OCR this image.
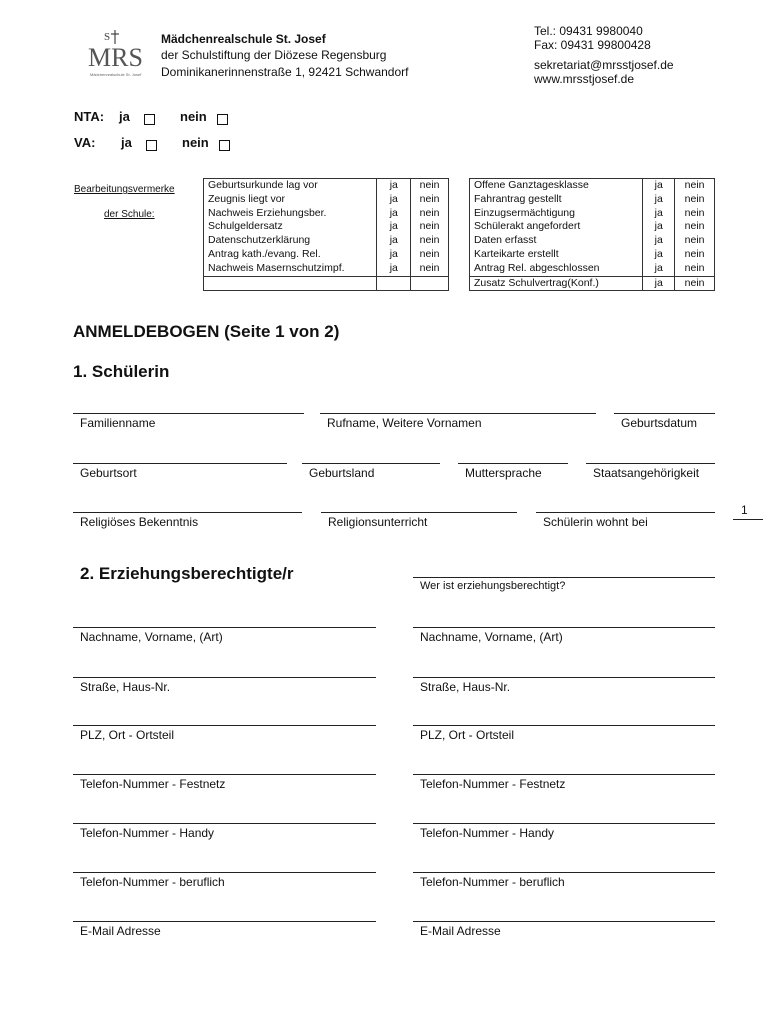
S
MRS
Mädchenrealschule St. Josef
Mädchenrealschule St. Josef
der Schulstiftung der Diözese Regensburg
Dominikanerinnenstraße 1, 92421 Schwandorf
Tel.: 09431 9980040
Fax: 09431 99800428
sekretariat@mrsstjosef.de
www.mrsstjosef.de
NTA: ja	nein
VA: ja	nein
Bearbeitungsvermerke
der Schule:
Geburtsurkunde lag vor	ja	nein
Zeugnis liegt vor	ja	nein
Nachweis Erziehungsber.	ja	nein
Schulgeldersatz	ja	nein
Datenschutzerklärung	ja	nein
Antrag kath./evang. Rel.	ja	nein
Nachweis Masernschutzimpf.	ja	nein

Offene Ganztagesklasse	ja	nein
Fahrantrag gestellt	ja	nein
Einzugsermächtigung	ja	nein
Schülerakt angefordert	ja	nein
Daten erfasst	ja	nein
Karteikarte erstellt	ja	nein
Antrag Rel. abgeschlossen	ja	nein
Zusatz Schulvertrag(Konf.)	ja	nein
ANMELDEBOGEN (Seite 1 von 2)
1. Schülerin
Familienname	Rufname, Weitere Vornamen	Geburtsdatum
Geburtsort	Geburtsland	Muttersprache	Staatsangehörigkeit
Religiöses Bekenntnis	Religionsunterricht	Schülerin wohnt bei
1
2. Erziehungsberechtigte/r
Wer ist erziehungsberechtigt?
Nachname, Vorname, (Art)
Straße, Haus-Nr.
PLZ, Ort - Ortsteil
Telefon-Nummer - Festnetz
Telefon-Nummer - Handy
Telefon-Nummer - beruflich
E-Mail Adresse
Nachname, Vorname, (Art)
Straße, Haus-Nr.
PLZ, Ort - Ortsteil
Telefon-Nummer - Festnetz
Telefon-Nummer - Handy
Telefon-Nummer - beruflich
E-Mail Adresse
